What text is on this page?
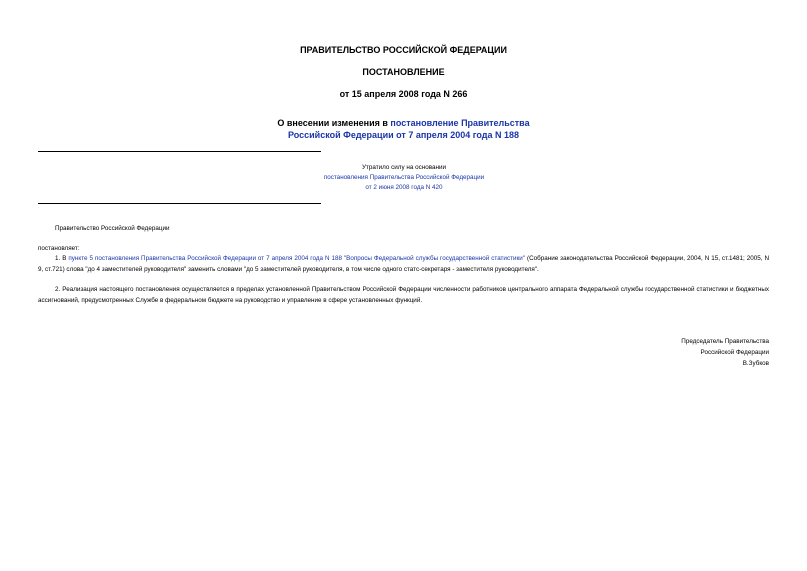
ПРАВИТЕЛЬСТВО РОССИЙСКОЙ ФЕДЕРАЦИИ
ПОСТАНОВЛЕНИЕ
от 15 апреля 2008 года N 266
О внесении изменения в постановление Правительства
Российской Федерации от 7 апреля 2004 года N 188
Утратило силу на основании
постановления Правительства Российской Федерации
от 2 июня 2008 года N 420
Правительство Российской Федерации
постановляет:
1. В пункте 5 постановления Правительства Российской Федерации от 7 апреля 2004 года N 188 "Вопросы Федеральной службы государственной статистики" (Собрание законодательства Российской Федерации, 2004, N 15, ст.1481; 2005, N 9, ст.721) слова "до 4 заместителей руководителя" заменить словами "до 5 заместителей руководителя, в том числе одного статс-секретаря - заместителя руководителя".
2. Реализация настоящего постановления осуществляется в пределах установленной Правительством Российской Федерации численности работников центрального аппарата Федеральной службы государственной статистики и бюджетных ассигнований, предусмотренных Службе в федеральном бюджете на руководство и управление в сфере установленных функций.
Председатель Правительства
Российской Федерации
В.Зубков
